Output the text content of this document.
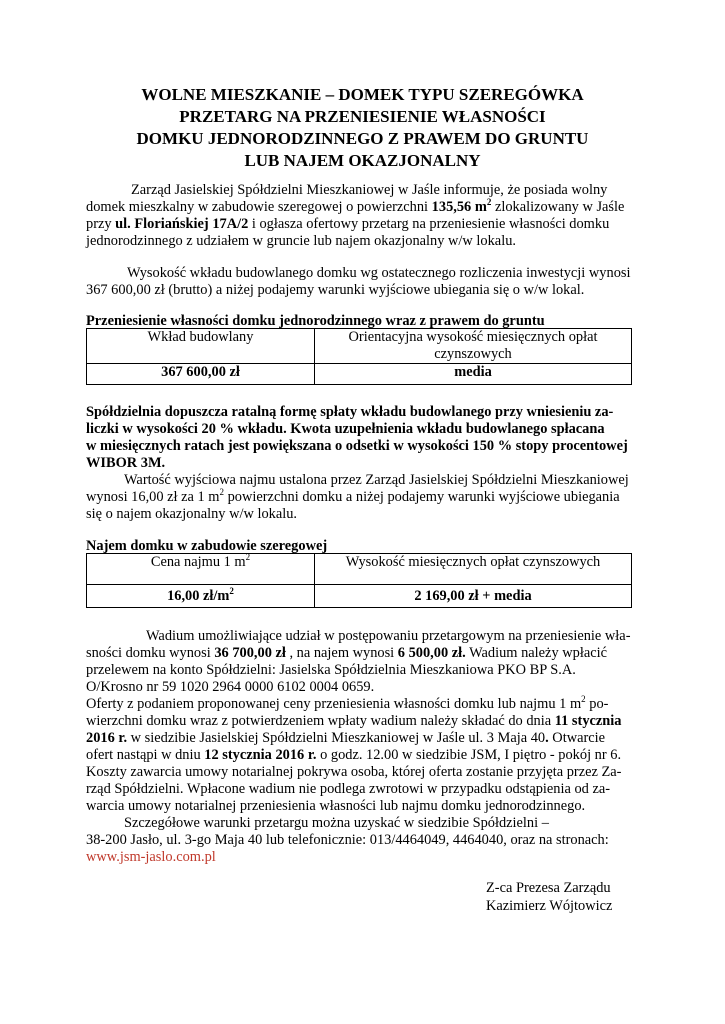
WOLNE MIESZKANIE – DOMEK TYPU SZEREGÓWKA
PRZETARG NA PRZENIESIENIE WŁASNOŚCI
DOMKU JEDNORODZINNEGO Z PRAWEM DO GRUNTU
LUB NAJEM OKAZJONALNY
Zarząd Jasielskiej Spółdzielni Mieszkaniowej w Jaśle informuje, że posiada wolny
domek mieszkalny w zabudowie szeregowej o powierzchni 135,56 $m^2$ zlokalizowany w Jaśle
przy ul. Floriańskiej 17A/2 i ogłasza ofertowy przetarg na przeniesienie własności domku
jednorodzinnego z udziałem w gruncie lub najem okazjonalny w/w lokalu.
Wysokość wkładu budowlanego domku wg ostatecznego rozliczenia inwestycji wynosi
367 600,00 zł (brutto) a niżej podajemy warunki wyjściowe ubiegania się o w/w lokal.
Przeniesienie własności domku jednorodzinnego wraz z prawem do gruntu
Wkład budowlany	Orientacyjna wysokość miesięcznych opłat
czynszowych
367 600,00 zł	media
Spółdzielnia dopuszcza ratalną formę spłaty wkładu budowlanego przy wniesieniu za-
liczki w wysokości 20 % wkładu. Kwota uzupełnienia wkładu budowlanego spłacana
w miesięcznych ratach jest powiększana o odsetki w wysokości 150 % stopy procentowej
WIBOR 3M.
Wartość wyjściowa najmu ustalona przez Zarząd Jasielskiej Spółdzielni Mieszkaniowej
wynosi 16,00 zł za 1 $m^2$ powierzchni domku a niżej podajemy warunki wyjściowe ubiegania
się o najem okazjonalny w/w lokalu.
Najem domku w zabudowie szeregowej
Cena najmu 1 $m^2$	Wysokość miesięcznych opłat czynszowych
16,00 $zł/m^2$	2 169,00 zł + media
Wadium umożliwiające udział w postępowaniu przetargowym na przeniesienie wła-
sności domku wynosi 36 700,00 zł , na najem wynosi 6 500,00 zł. Wadium należy wpłacić
przelewem na konto Spółdzielni: Jasielska Spółdzielnia Mieszkaniowa PKO BP S.A.
O/Krosno nr 59 1020 2964 0000 6102 0004 0659.
Oferty z podaniem proponowanej ceny przeniesienia własności domku lub najmu 1 $m^2$ po-
wierzchni domku wraz z potwierdzeniem wpłaty wadium należy składać do dnia 11 stycznia
2016 r. w siedzibie Jasielskiej Spółdzielni Mieszkaniowej w Jaśle ul. 3 Maja 40. Otwarcie
ofert nastąpi w dniu 12 stycznia 2016 r. o godz. 12.00 w siedzibie JSM, I piętro - pokój nr 6.
Koszty zawarcia umowy notarialnej pokrywa osoba, której oferta zostanie przyjęta przez Za-
rząd Spółdzielni. Wpłacone wadium nie podlega zwrotowi w przypadku odstąpienia od za-
warcia umowy notarialnej przeniesienia własności lub najmu domku jednorodzinnego.
Szczegółowe warunki przetargu można uzyskać w siedzibie Spółdzielni –
38-200 Jasło, ul. 3-go Maja 40 lub telefonicznie: 013/4464049, 4464040, oraz na stronach:
www.jsm-jaslo.com.pl
Z-ca Prezesa Zarządu
Kazimierz Wójtowicz
